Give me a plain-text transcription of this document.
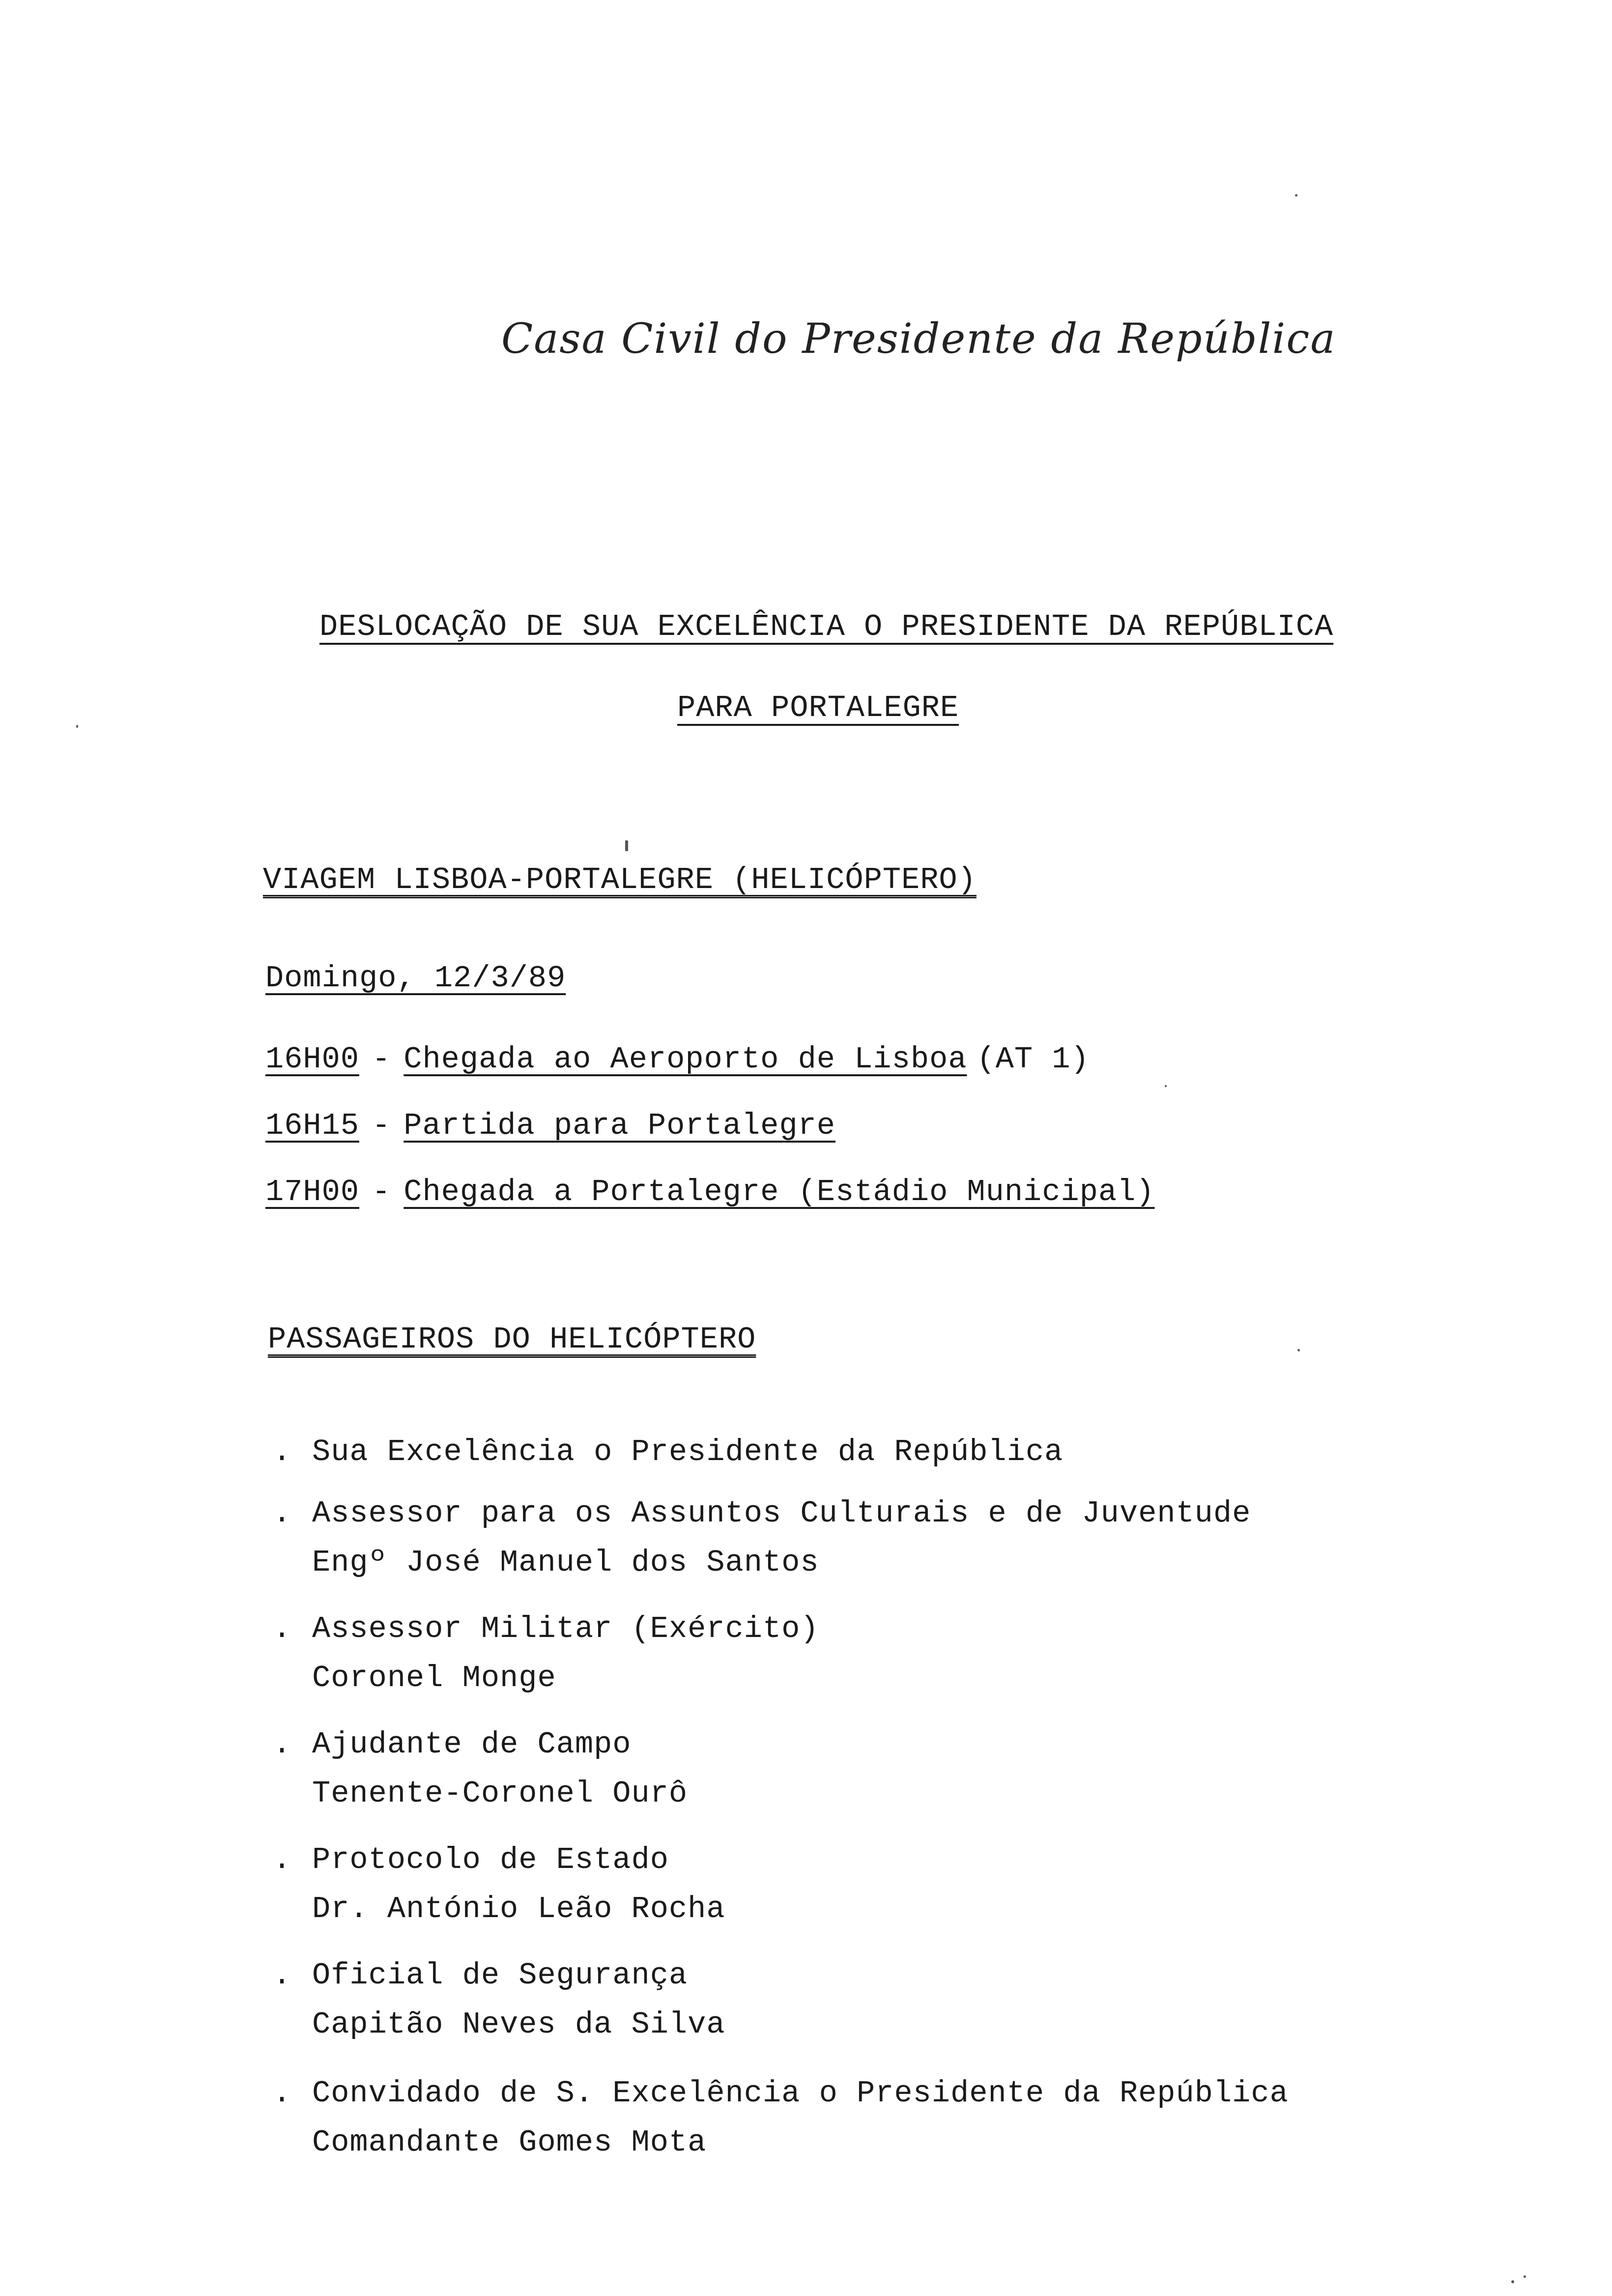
Casa Civil do Presidente da República
DESLOCAÇÃO DE SUA EXCELÊNCIA O PRESIDENTE DA REPÚBLICA
PARA PORTALEGRE
VIAGEM LISBOA-PORTALEGRE (HELICÓPTERO)
Domingo, 12/3/89
16H00 - Chegada ao Aeroporto de Lisboa (AT 1)
16H15 - Partida para Portalegre
17H00 - Chegada a Portalegre (Estádio Municipal)
PASSAGEIROS DO HELICÓPTERO
. Sua Excelência o Presidente da República
. Assessor para os Assuntos Culturais e de Juventude
Engº José Manuel dos Santos
. Assessor Militar (Exército)
Coronel Monge
. Ajudante de Campo
Tenente-Coronel Ourô
. Protocolo de Estado
Dr. António Leão Rocha
. Oficial de Segurança
Capitão Neves da Silva
. Convidado de S. Excelência o Presidente da República
Comandante Gomes Mota
